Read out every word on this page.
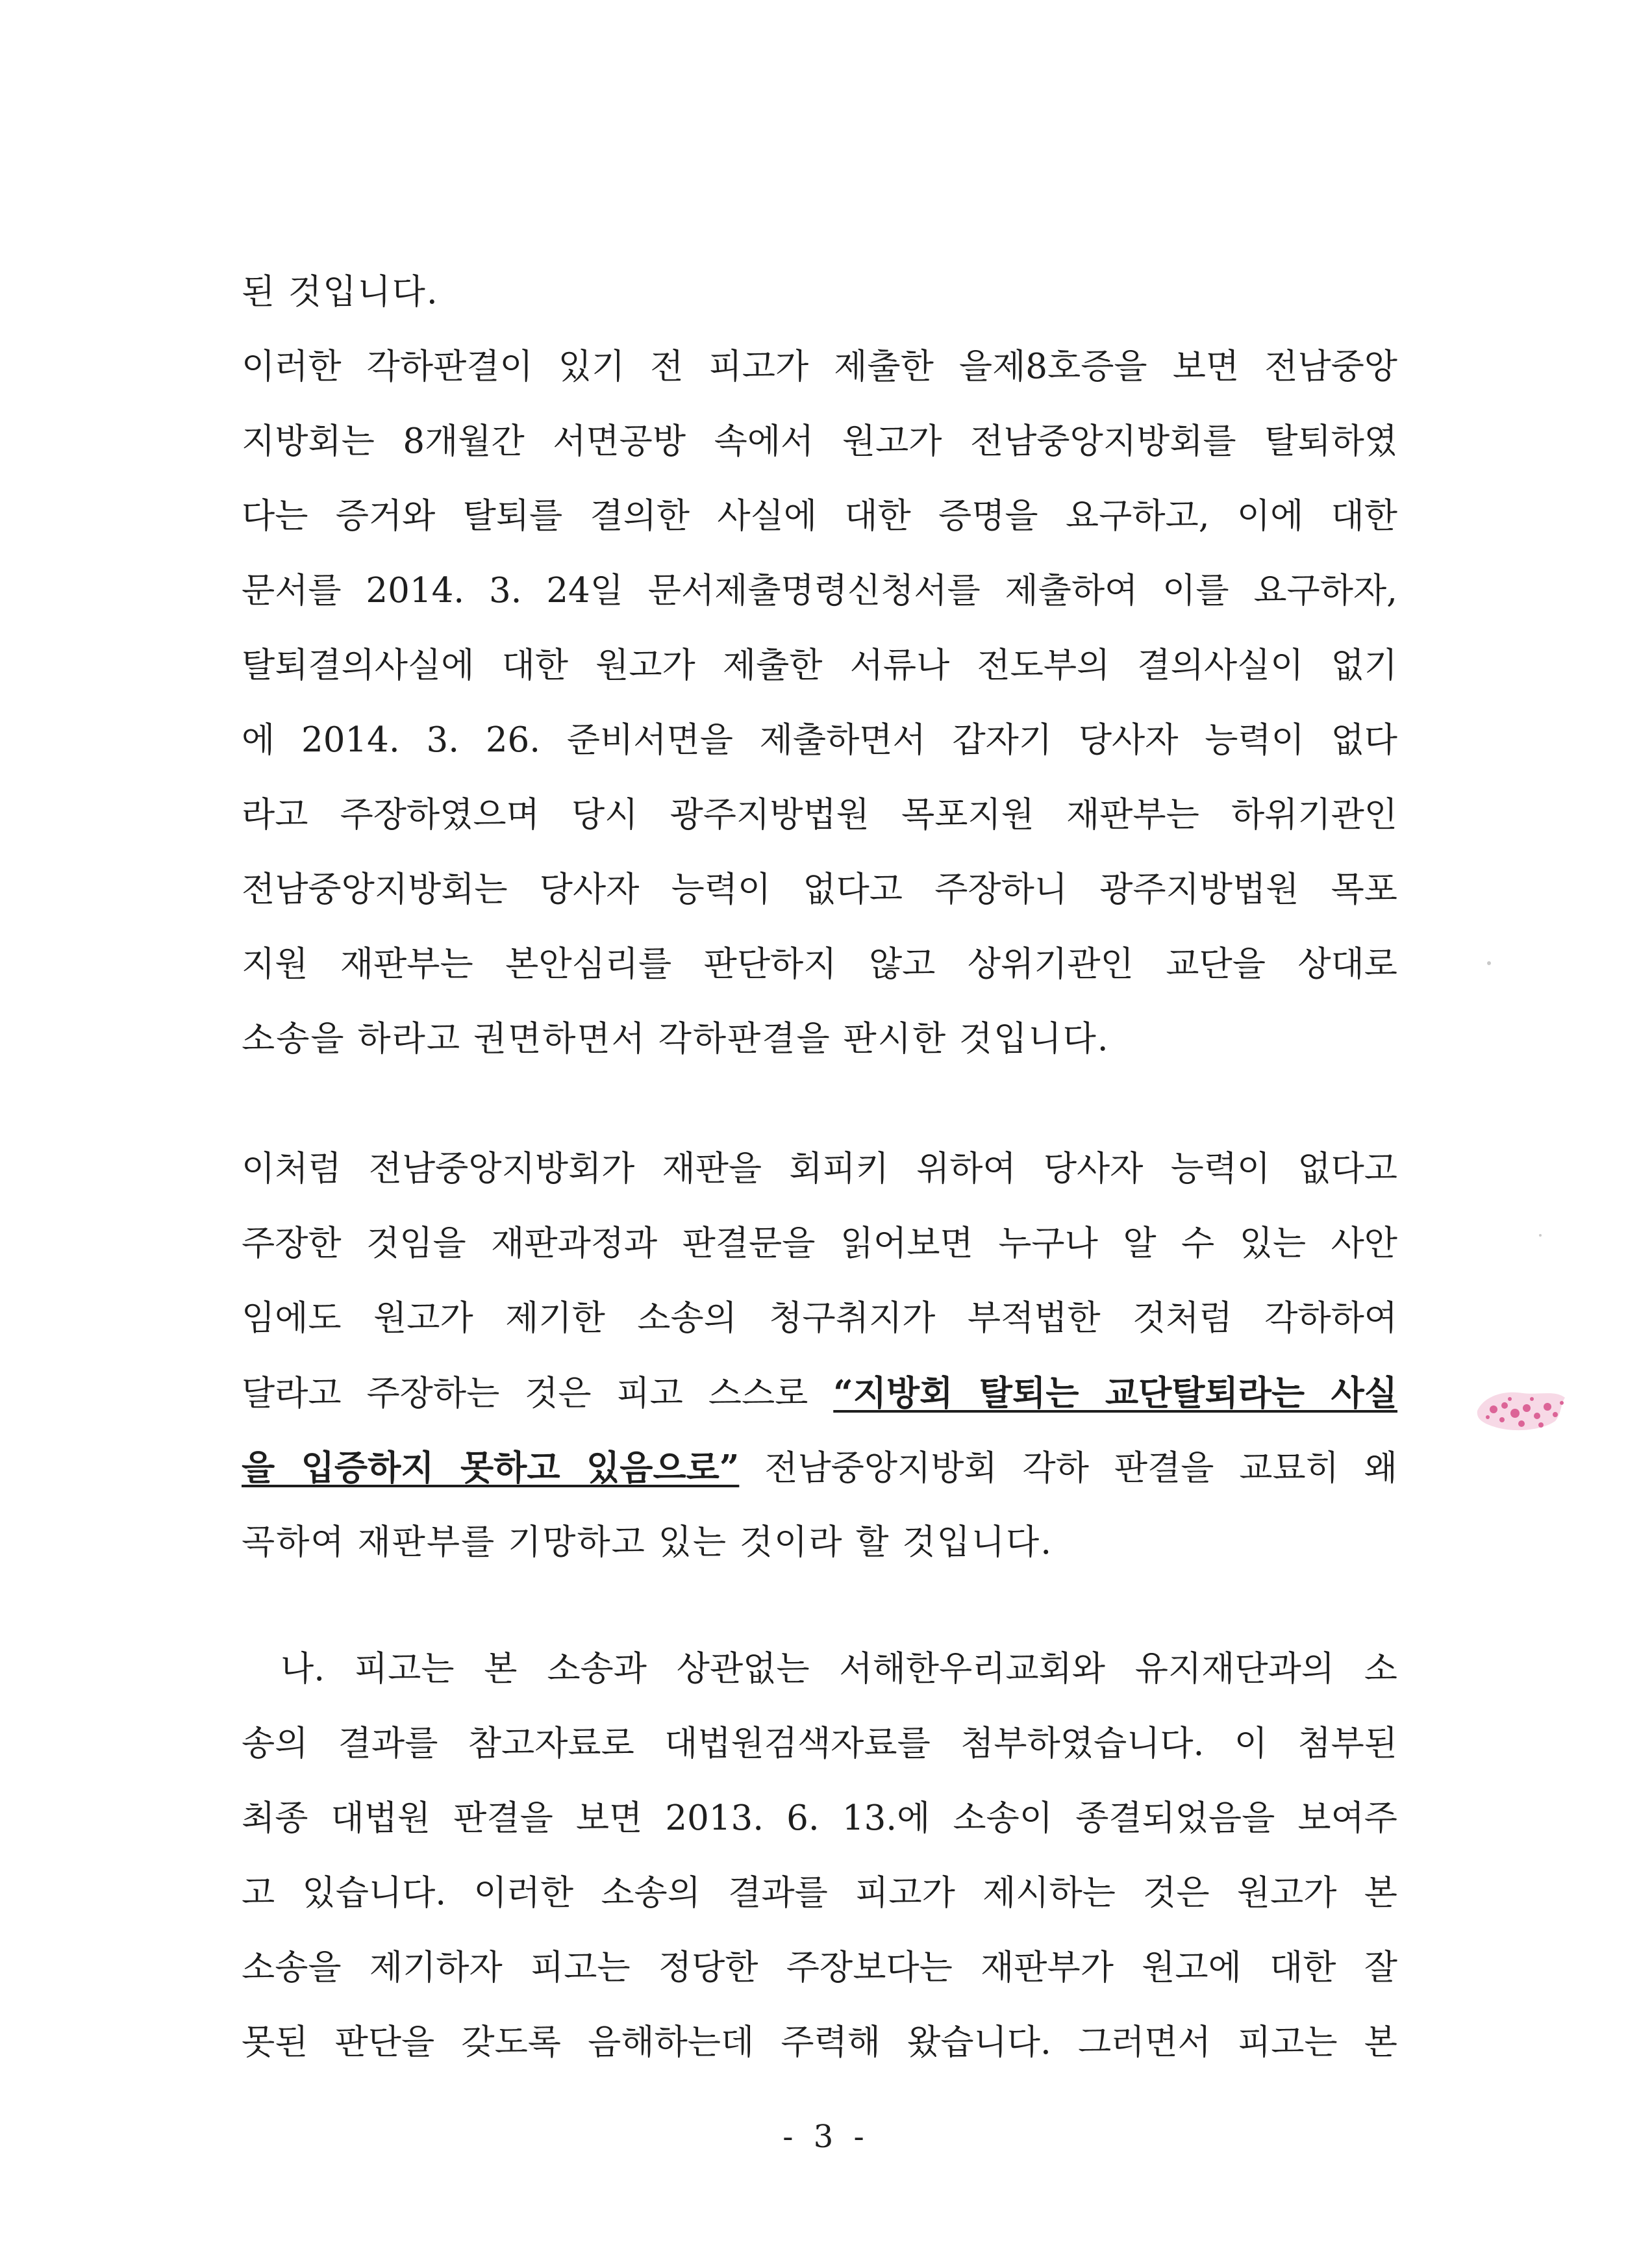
된 것입니다.
이러한 각하판결이 있기 전 피고가 제출한 을제8호증을 보면 전남중앙
지방회는 8개월간 서면공방 속에서 원고가 전남중앙지방회를 탈퇴하였
다는 증거와 탈퇴를 결의한 사실에 대한 증명을 요구하고, 이에 대한
문서를 2014. 3. 24일 문서제출명령신청서를 제출하여 이를 요구하자,
탈퇴결의사실에 대한 원고가 제출한 서류나 전도부의 결의사실이 없기
에 2014. 3. 26. 준비서면을 제출하면서 갑자기 당사자 능력이 없다
라고 주장하였으며 당시 광주지방법원 목포지원 재판부는 하위기관인
전남중앙지방회는 당사자 능력이 없다고 주장하니 광주지방법원 목포
지원 재판부는 본안심리를 판단하지 않고 상위기관인 교단을 상대로
소송을 하라고 권면하면서 각하판결을 판시한 것입니다.
이처럼 전남중앙지방회가 재판을 회피키 위하여 당사자 능력이 없다고
주장한 것임을 재판과정과 판결문을 읽어보면 누구나 알 수 있는 사안
임에도 원고가 제기한 소송의 청구취지가 부적법한 것처럼 각하하여
달라고 주장하는 것은 피고 스스로 “지방회 탈퇴는 교단탈퇴라는 사실
을 입증하지 못하고 있음으로” 전남중앙지방회 각하 판결을 교묘히 왜
곡하여 재판부를 기망하고 있는 것이라 할 것입니다.
나. 피고는 본 소송과 상관없는 서해한우리교회와 유지재단과의 소
송의 결과를 참고자료로 대법원검색자료를 첨부하였습니다. 이 첨부된
최종 대법원 판결을 보면 2013. 6. 13.에 소송이 종결되었음을 보여주
고 있습니다. 이러한 소송의 결과를 피고가 제시하는 것은 원고가 본
소송을 제기하자 피고는 정당한 주장보다는 재판부가 원고에 대한 잘
못된 판단을 갖도록 음해하는데 주력해 왔습니다. 그러면서 피고는 본
- 3 -
